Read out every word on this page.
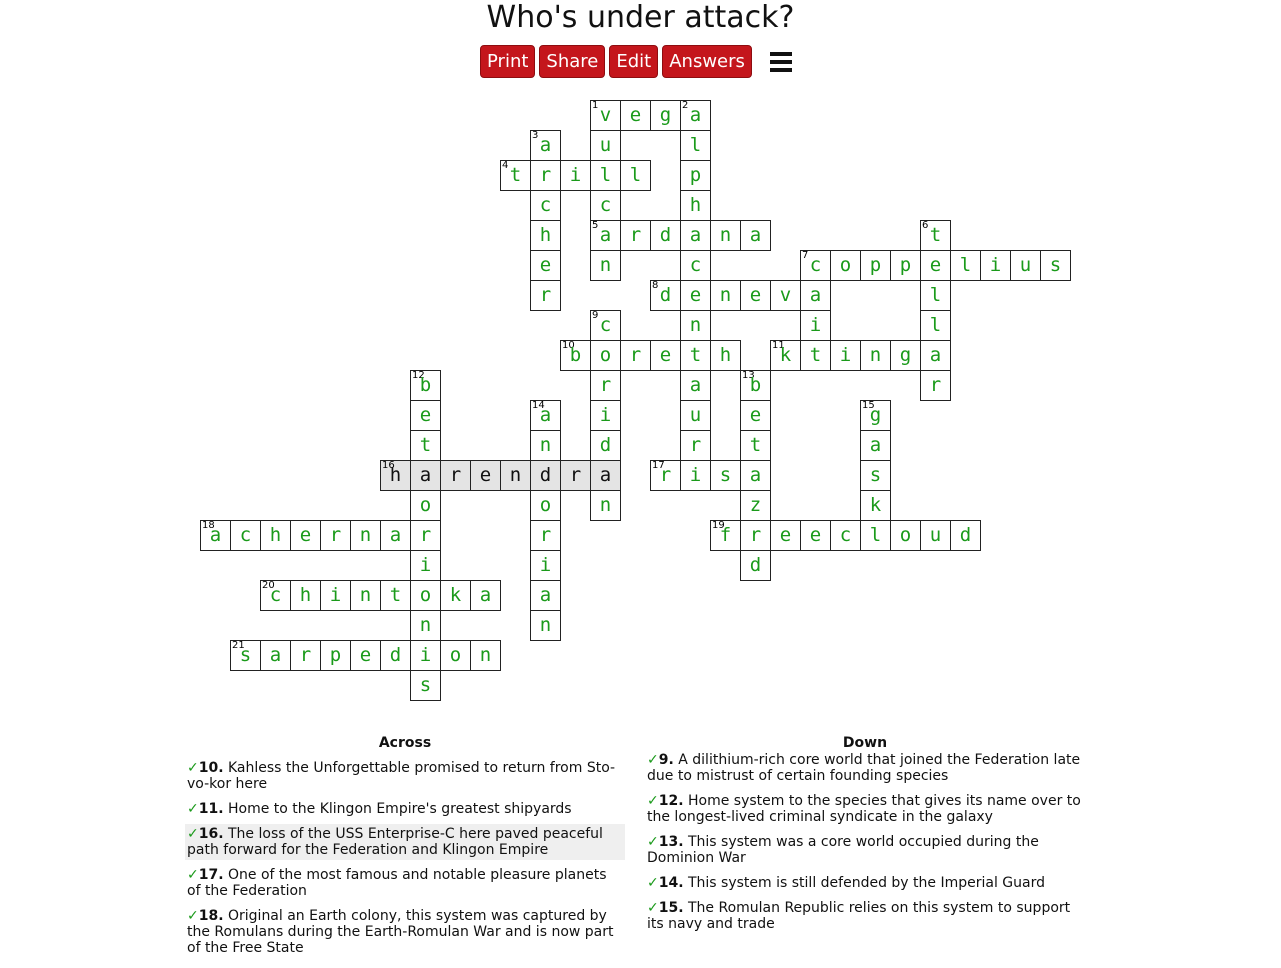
Who's under attack?
Print	Share	Edit	Answers
1 v e g	2 a
3 a	u	l
4 t r i l l	p
c	c	h
h	5 a r d a n a	6 t
e	n	c	7 c o p p e l i u s
r	8 d e n e v a	l
9 c	n	i	l
10
b o r e t h	11
k t i n g a
12
b	r	a	13
b	r
e	14
a	i	u	e	15
g
t	n	d	r	t	a
16
h a r e n d r a	17
r i s a	s
o	o	n	z	k
18
a c h e r n a r	r	19
f r e e c l o u d
i	i	d
20
c h i n t o k a	a
n	n
21
s a r p e d i o n
s
Across	Down
✓10. Kahless the Unforgettable promised to return from Sto-vo-kor here
✓11. Home to the Klingon Empire's greatest shipyards
✓16. The loss of the USS Enterprise-C here paved peaceful path forward for the Federation and Klingon Empire
✓17. One of the most famous and notable pleasure planets of the Federation
✓18. Original an Earth colony, this system was captured by the Romulans during the Earth-Romulan War and is now part of the Free State
✓9. A dilithium-rich core world that joined the Federation late due to mistrust of certain founding species
✓12. Home system to the species that gives its name over to the longest-lived criminal syndicate in the galaxy
✓13. This system was a core world occupied during the Dominion War
✓14. This system is still defended by the Imperial Guard
✓15. The Romulan Republic relies on this system to support its navy and trade
